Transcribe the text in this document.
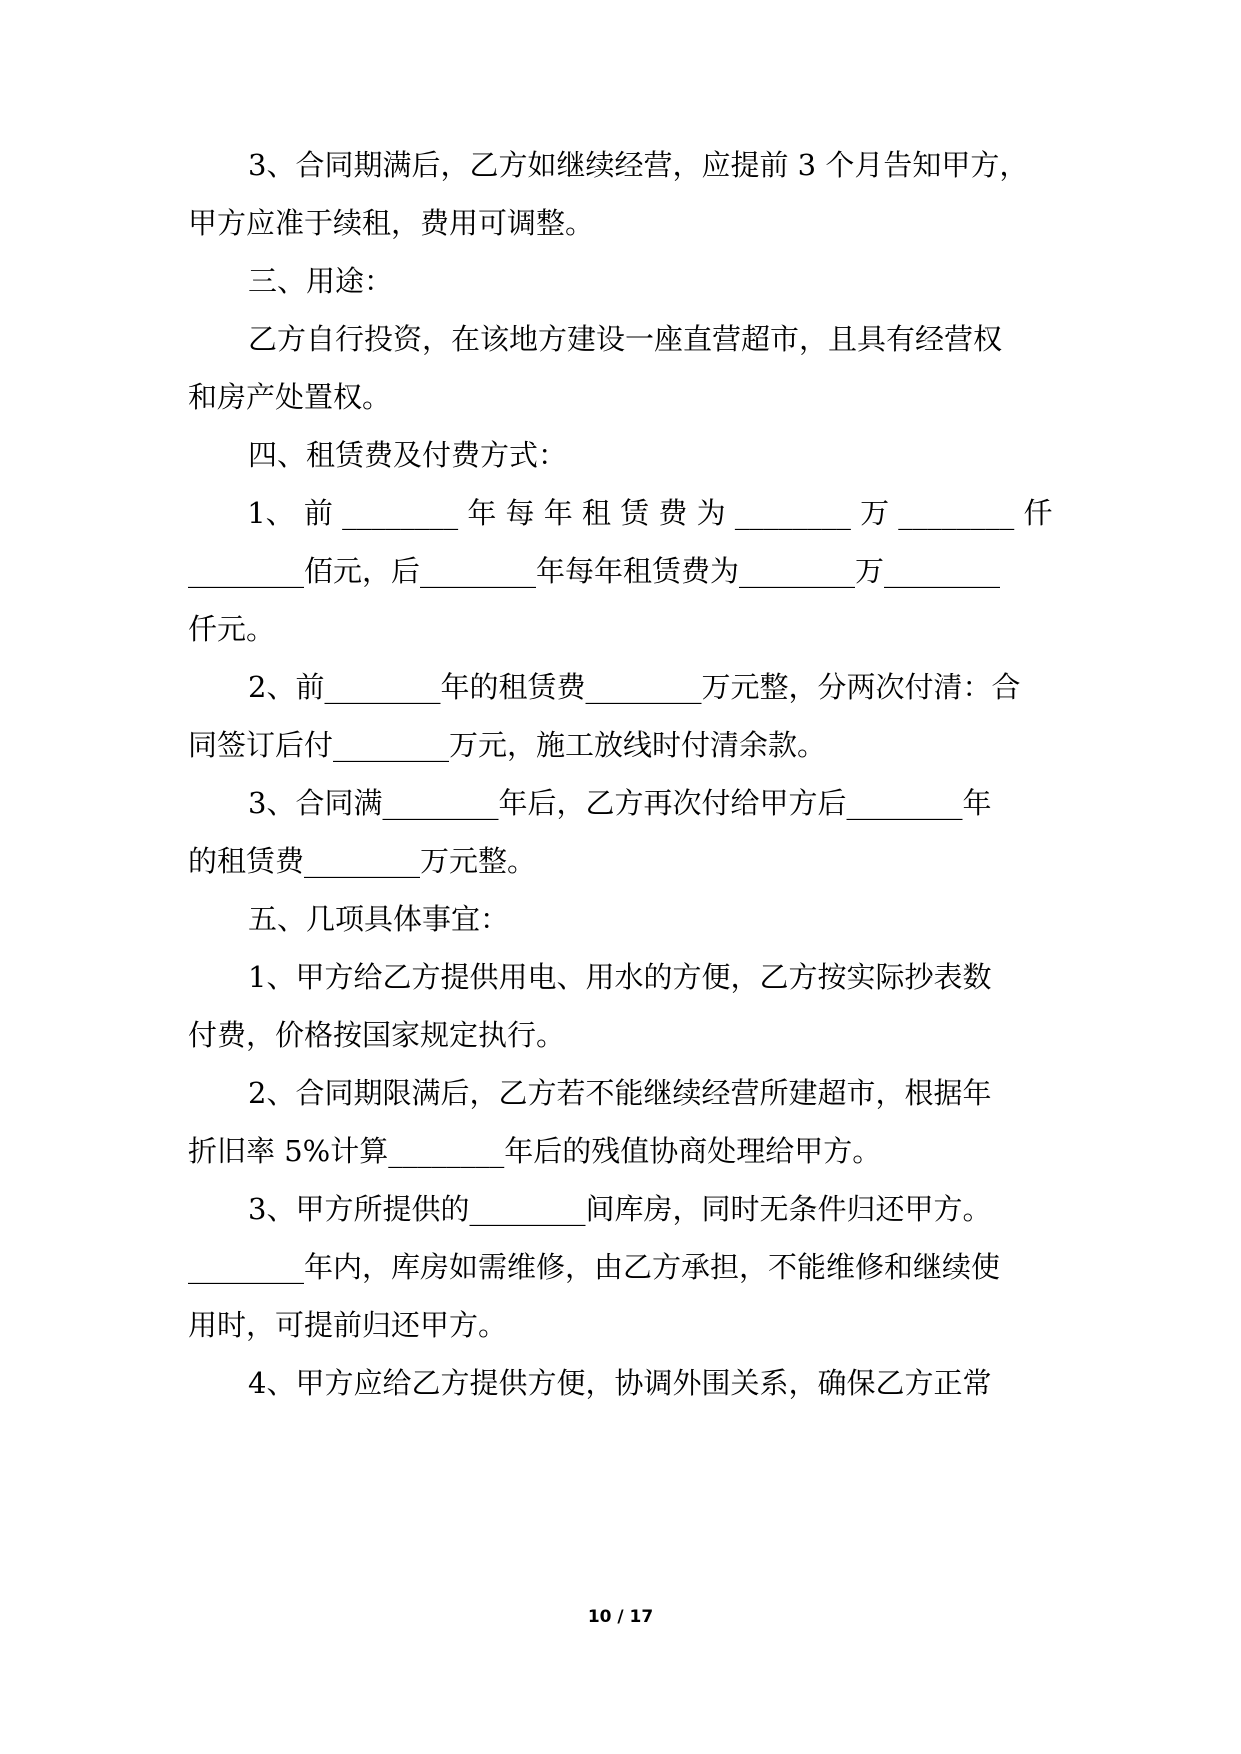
3、合同期满后，乙方如继续经营，应提前 3 个月告知甲方，
甲方应准于续租，费用可调整。
三、用途：
乙方自行投资，在该地方建设一座直营超市，且具有经营权
和房产处置权。
四、租赁费及付费方式：
1、 前 ________ 年 每 年 租 赁 费 为 ________ 万 ________ 仟
________佰元，后________年每年租赁费为________万________
仟元。
2、前________年的租赁费________万元整，分两次付清：合
同签订后付________万元，施工放线时付清余款。
3、合同满________年后，乙方再次付给甲方后________年
的租赁费________万元整。
五、几项具体事宜：
1、甲方给乙方提供用电、用水的方便，乙方按实际抄表数
付费，价格按国家规定执行。
2、合同期限满后，乙方若不能继续经营所建超市，根据年
折旧率 5%计算________年后的残值协商处理给甲方。
3、甲方所提供的________间库房，同时无条件归还甲方。
________年内，库房如需维修，由乙方承担，不能维修和继续使
用时，可提前归还甲方。
4、甲方应给乙方提供方便，协调外围关系，确保乙方正常
10 / 17
